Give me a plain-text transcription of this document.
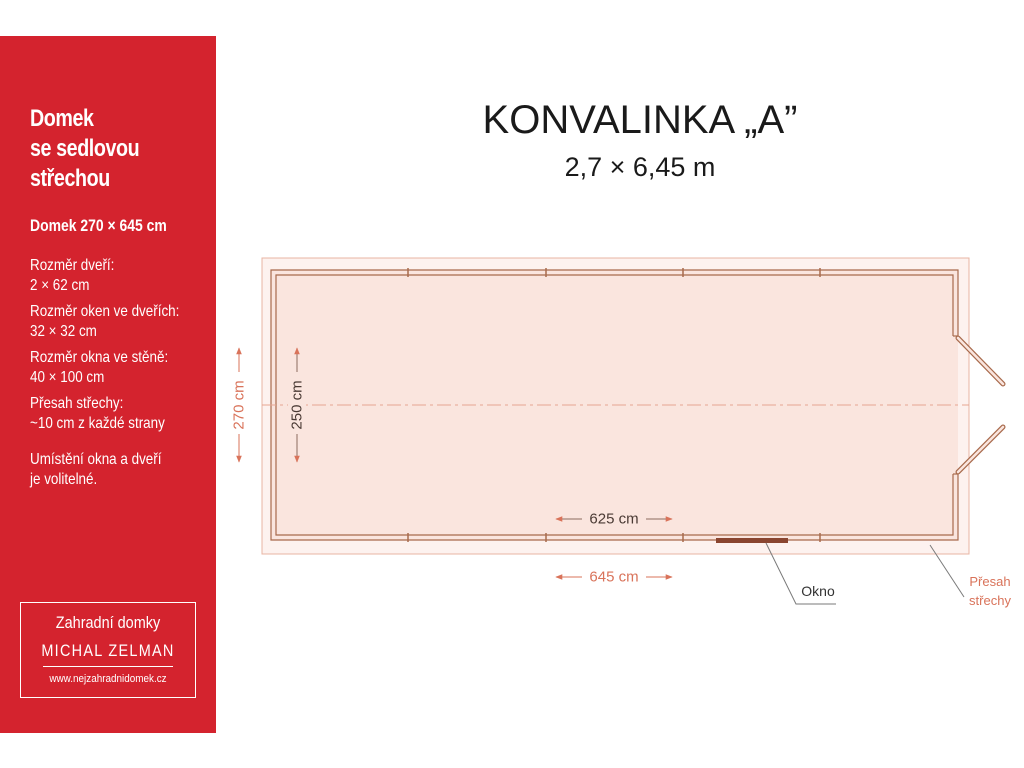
Domek
se sedlovou
střechou
Domek 270 × 645 cm
Rozměr dveří:
2 × 62 cm
Rozměr oken ve dveřích:
32 × 32 cm
Rozměr okna ve stěně:
40 × 100 cm
Přesah střechy:
~10 cm z každé strany
Umístění okna a dveří
je volitelné.
Zahradní domky
MICHAL ZELMAN
www.nejzahradnidomek.cz
KONVALINKA „A”
2,7 × 6,45 m
270 cm	250 cm
625 cm
645 cm
Okno
Přesah
střechy
